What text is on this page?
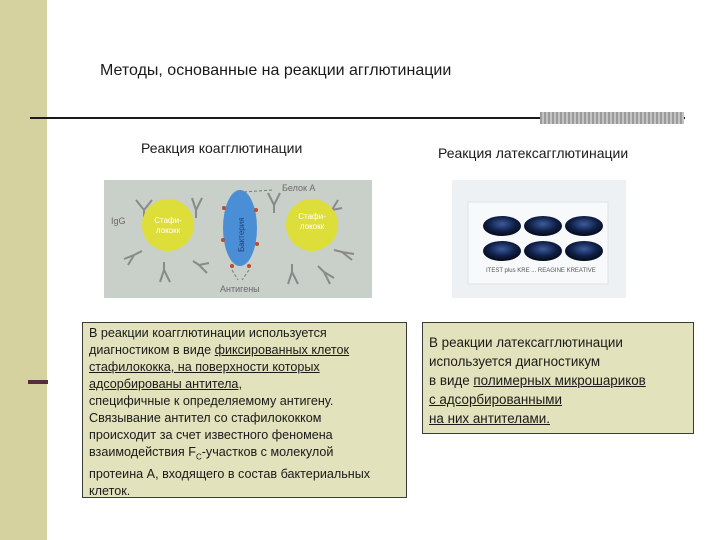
Методы, основанные на реакции агглютинации
Реакция коагглютинации	Реакция латексагглютинации
Белок А
IgG	Стафи-лококк
Стафи-лококк
Бактерия
Антигены
ITEST plus KRE ... REAGINE KREATIVE
В реакции коагглютинации используется
диагностиком в виде фиксированных клеток
стафилококка, на поверхности которых
адсорбированы антитела,
специфичные к определяемому антигену.
Связывание антител со стафилококком
происходит за счет известного феномена
взаимодействия $F_C$-участков с молекулой
протеина А, входящего в состав бактериальных
клеток.
В реакции латексагглютинации
используется диагностикум
в виде полимерных микрошариков
с адсорбированными
на них антителами.
